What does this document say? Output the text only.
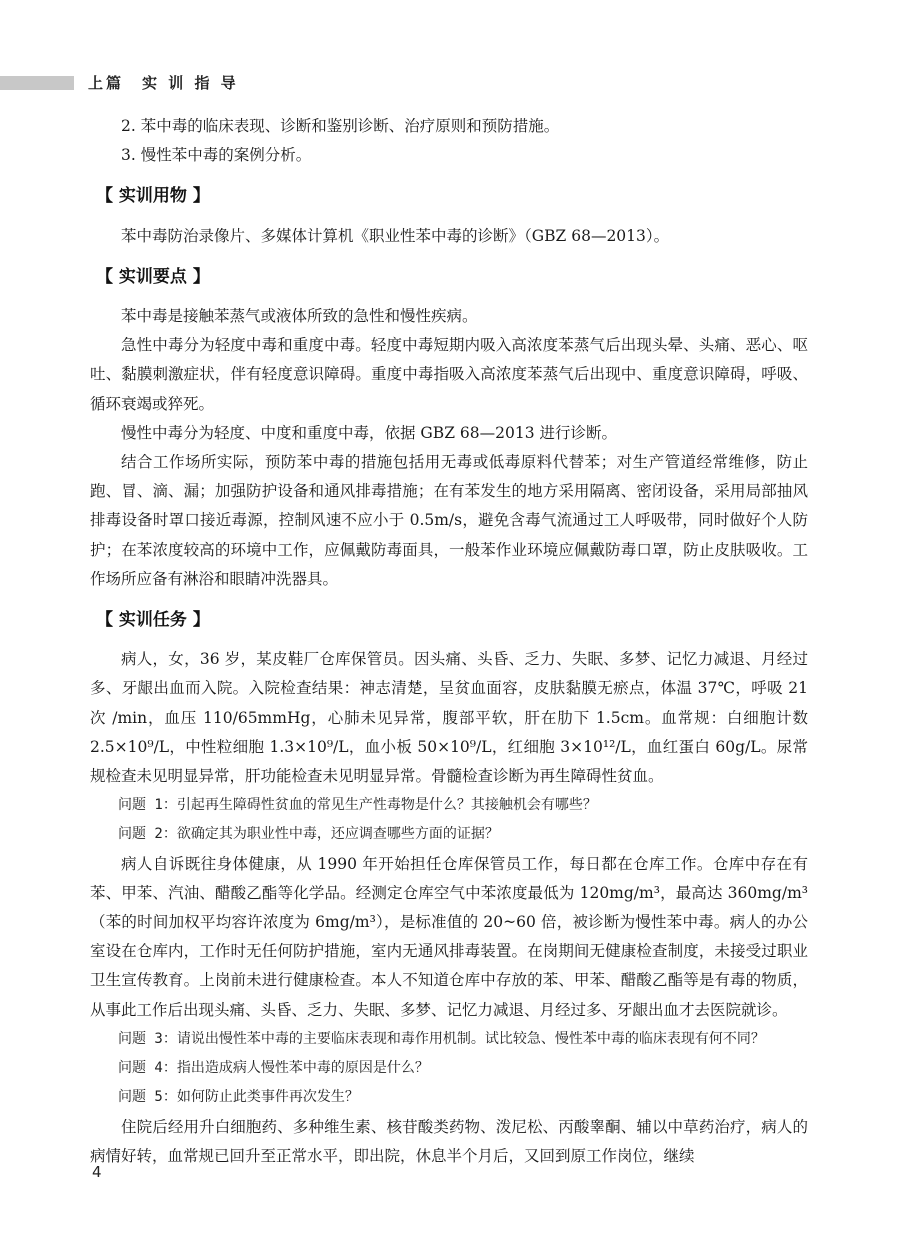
上篇　实 训 指 导

2. 苯中毒的临床表现、诊断和鉴别诊断、治疗原则和预防措施。

3. 慢性苯中毒的案例分析。

【 实训用物 】

苯中毒防治录像片、多媒体计算机《职业性苯中毒的诊断》（GBZ 68—2013）。

【 实训要点 】

苯中毒是接触苯蒸气或液体所致的急性和慢性疾病。

急性中毒分为轻度中毒和重度中毒。轻度中毒短期内吸入高浓度苯蒸气后出现头晕、头痛、恶心、呕吐、黏膜刺激症状，伴有轻度意识障碍。重度中毒指吸入高浓度苯蒸气后出现中、重度意识障碍，呼吸、循环衰竭或猝死。

慢性中毒分为轻度、中度和重度中毒，依据 GBZ 68—2013 进行诊断。

结合工作场所实际，预防苯中毒的措施包括用无毒或低毒原料代替苯；对生产管道经常维修，防止跑、冒、滴、漏；加强防护设备和通风排毒措施；在有苯发生的地方采用隔离、密闭设备，采用局部抽风排毒设备时罩口接近毒源，控制风速不应小于 0.5m/s，避免含毒气流通过工人呼吸带，同时做好个人防护；在苯浓度较高的环境中工作，应佩戴防毒面具，一般苯作业环境应佩戴防毒口罩，防止皮肤吸收。工作场所应备有淋浴和眼睛冲洗器具。

【 实训任务 】

病人，女，36 岁，某皮鞋厂仓库保管员。因头痛、头昏、乏力、失眠、多梦、记忆力减退、月经过多、牙龈出血而入院。入院检查结果：神志清楚，呈贫血面容，皮肤黏膜无瘀点，体温 37℃，呼吸 21 次 /min，血压 110/65mmHg，心肺未见异常，腹部平软，肝在肋下 1.5cm。血常规：白细胞计数 2.5×10⁹/L，中性粒细胞 1.3×10⁹/L，血小板 50×10⁹/L，红细胞 3×10¹²/L，血红蛋白 60g/L。尿常规检查未见明显异常，肝功能检查未见明显异常。骨髓检查诊断为再生障碍性贫血。

问题 1：引起再生障碍性贫血的常见生产性毒物是什么？其接触机会有哪些？

问题 2：欲确定其为职业性中毒，还应调查哪些方面的证据？

病人自诉既往身体健康，从 1990 年开始担任仓库保管员工作，每日都在仓库工作。仓库中存在有苯、甲苯、汽油、醋酸乙酯等化学品。经测定仓库空气中苯浓度最低为 120mg/m³，最高达 360mg/m³（苯的时间加权平均容许浓度为 6mg/m³），是标准值的 20~60 倍，被诊断为慢性苯中毒。病人的办公室设在仓库内，工作时无任何防护措施，室内无通风排毒装置。在岗期间无健康检查制度，未接受过职业卫生宣传教育。上岗前未进行健康检查。本人不知道仓库中存放的苯、甲苯、醋酸乙酯等是有毒的物质，从事此工作后出现头痛、头昏、乏力、失眠、多梦、记忆力减退、月经过多、牙龈出血才去医院就诊。

问题 3：请说出慢性苯中毒的主要临床表现和毒作用机制。试比较急、慢性苯中毒的临床表现有何不同？

问题 4：指出造成病人慢性苯中毒的原因是什么？

问题 5：如何防止此类事件再次发生？

住院后经用升白细胞药、多种维生素、核苷酸类药物、泼尼松、丙酸睾酮、辅以中草药治疗，病人的病情好转，血常规已回升至正常水平，即出院，休息半个月后，又回到原工作岗位，继续

4
